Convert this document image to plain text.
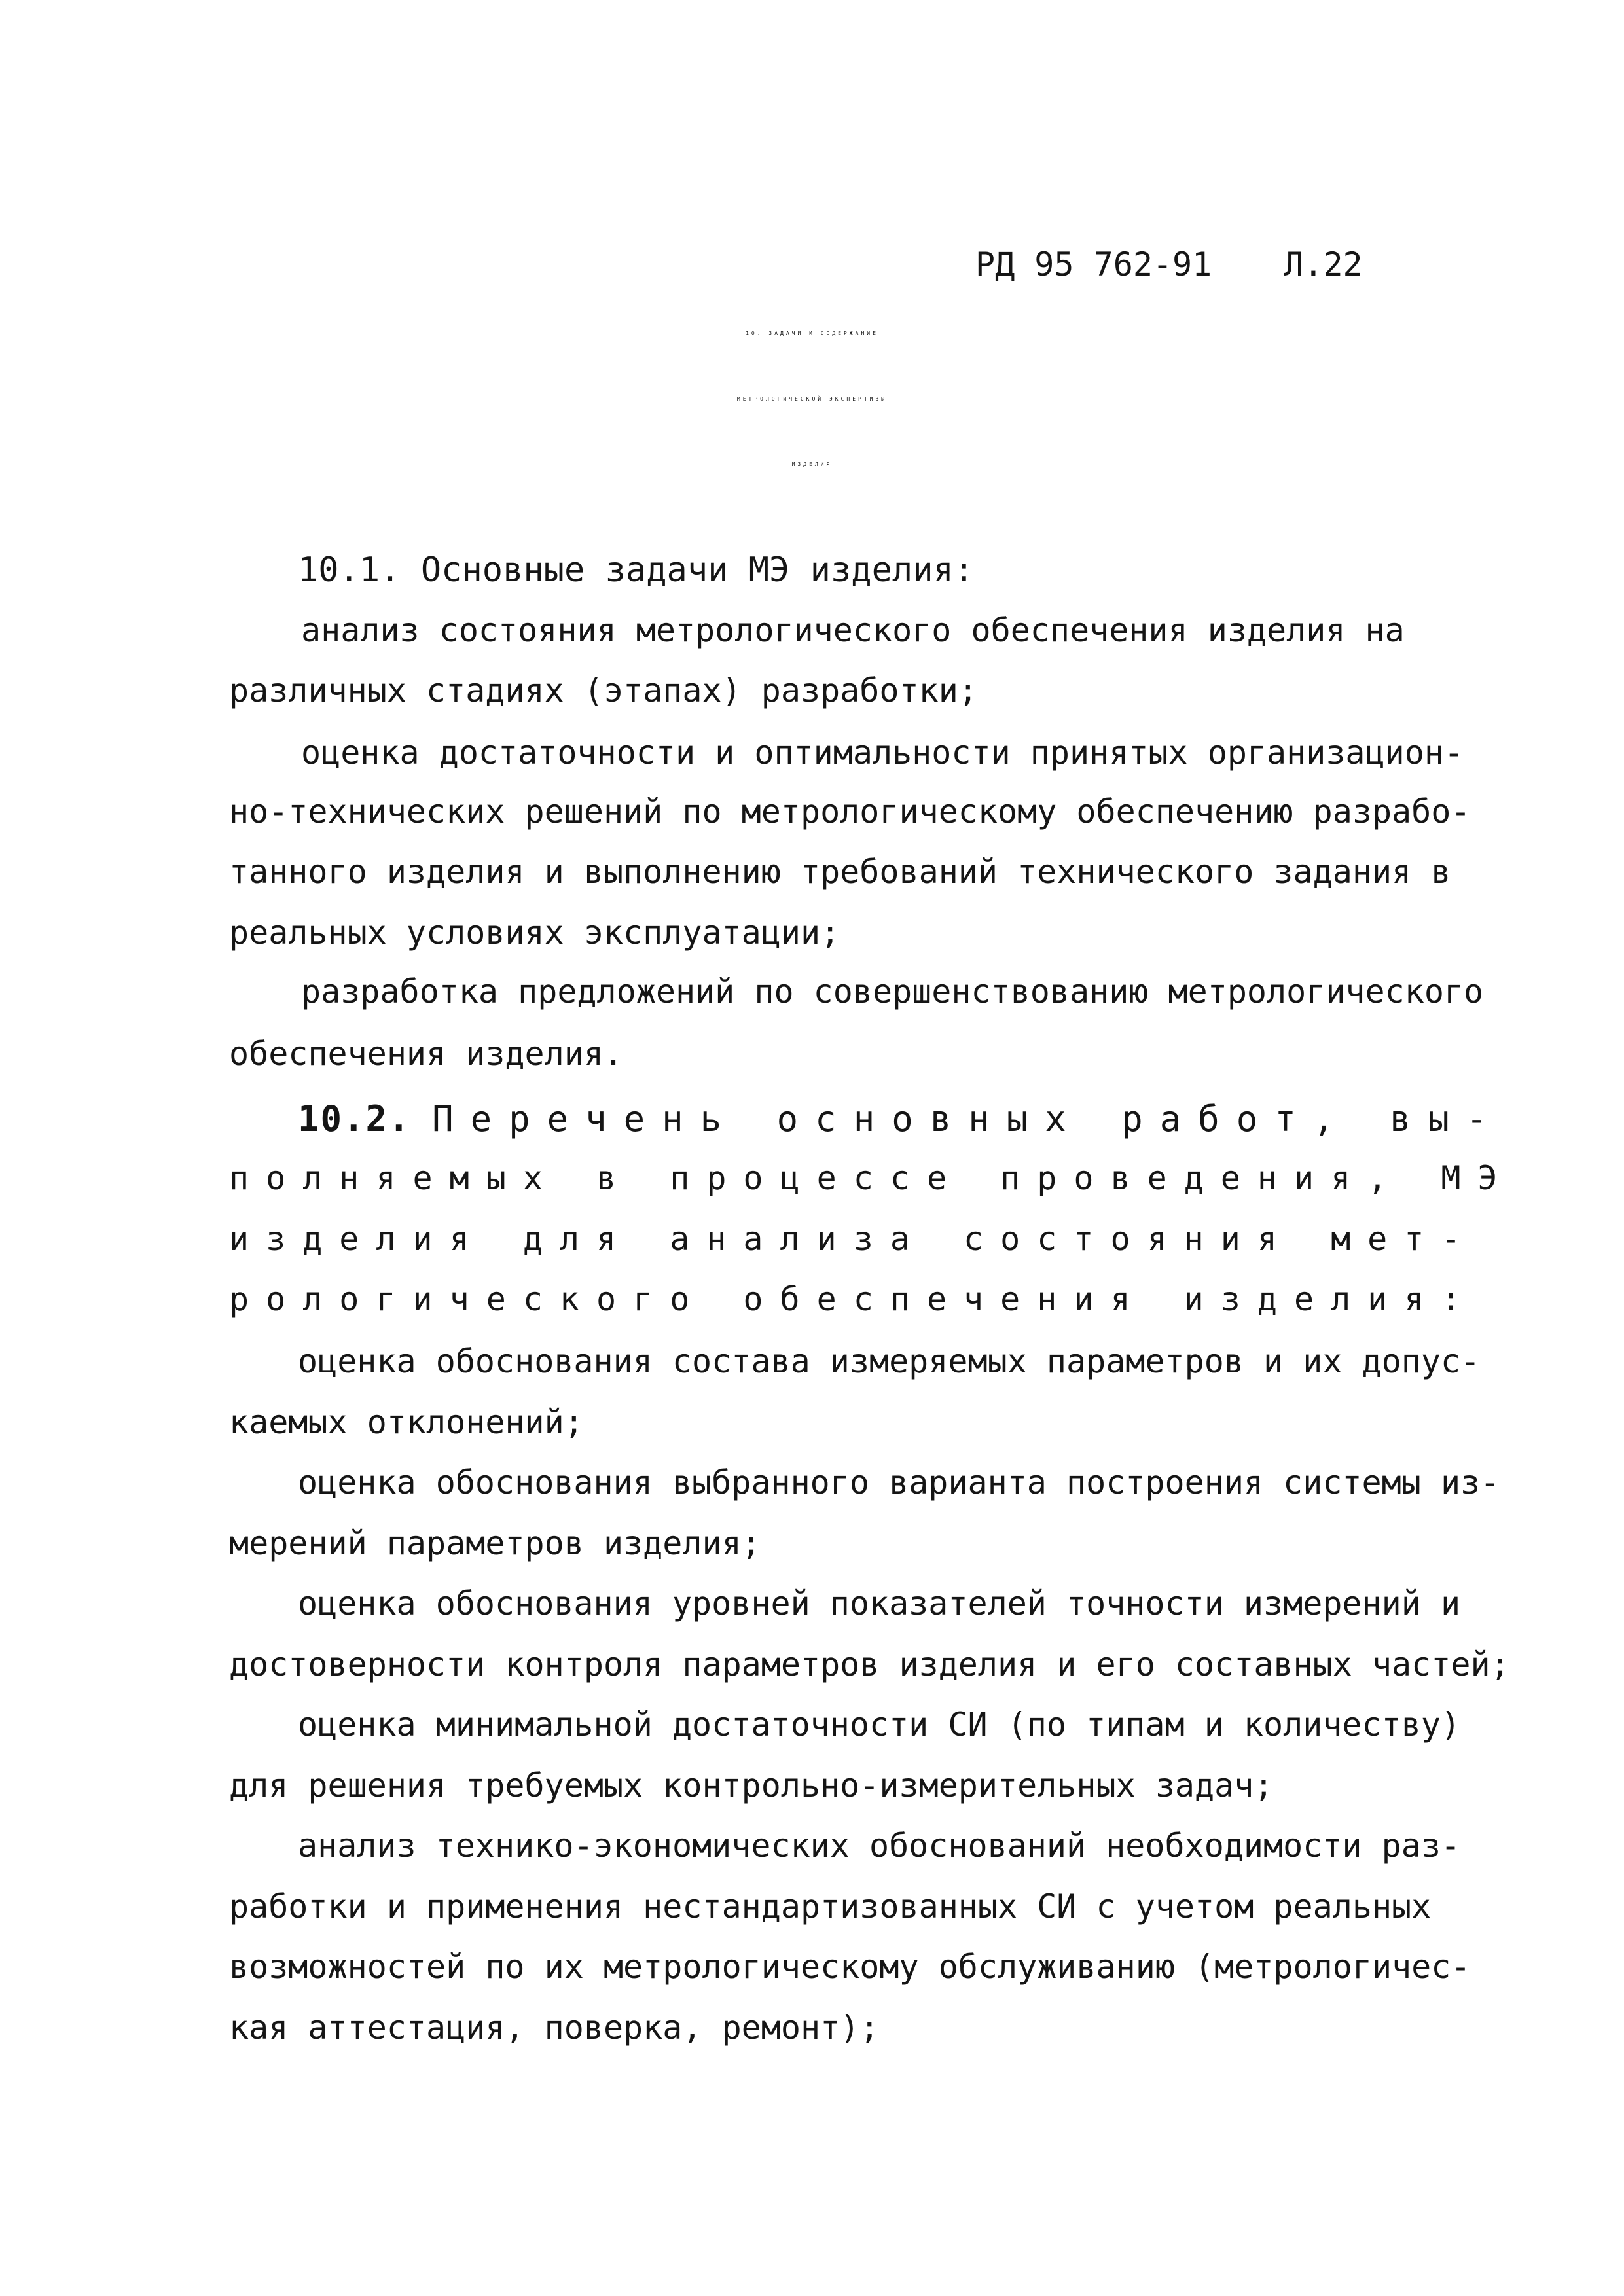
РД 95 762-91 Л.22
10. ЗАДАЧИ И СОДЕРЖАНИЕ
МЕТРОЛОГИЧЕСКОЙ ЭКСПЕРТИЗЫ
ИЗДЕЛИЯ
10.1. Основные задачи МЭ изделия:
анализ состояния метрологического обеспечения изделия на
различных стадиях (этапах) разработки;
оценка достаточности и оптимальности принятых организацион-
но-технических решений по метрологическому обеспечению разрабо-
танного изделия и выполнению требований технического задания в
реальных условиях эксплуатации;
разработка предложений по совершенствованию метрологического
обеспечения изделия.
10.2. Перечень основных работ, вы-
полняемых в процессе проведения, МЭ
изделия для анализа состояния мет-
рологического обеспечения изделия:
оценка обоснования состава измеряемых параметров и их допус-
каемых отклонений;
оценка обоснования выбранного варианта построения системы из-
мерений параметров изделия;
оценка обоснования уровней показателей точности измерений и
достоверности контроля параметров изделия и его составных частей;
оценка минимальной достаточности СИ (по типам и количеству)
для решения требуемых контрольно-измерительных задач;
анализ технико-экономических обоснований необходимости раз-
работки и применения нестандартизованных СИ с учетом реальных
возможностей по их метрологическому обслуживанию (метрологичес-
кая аттестация, поверка, ремонт);
